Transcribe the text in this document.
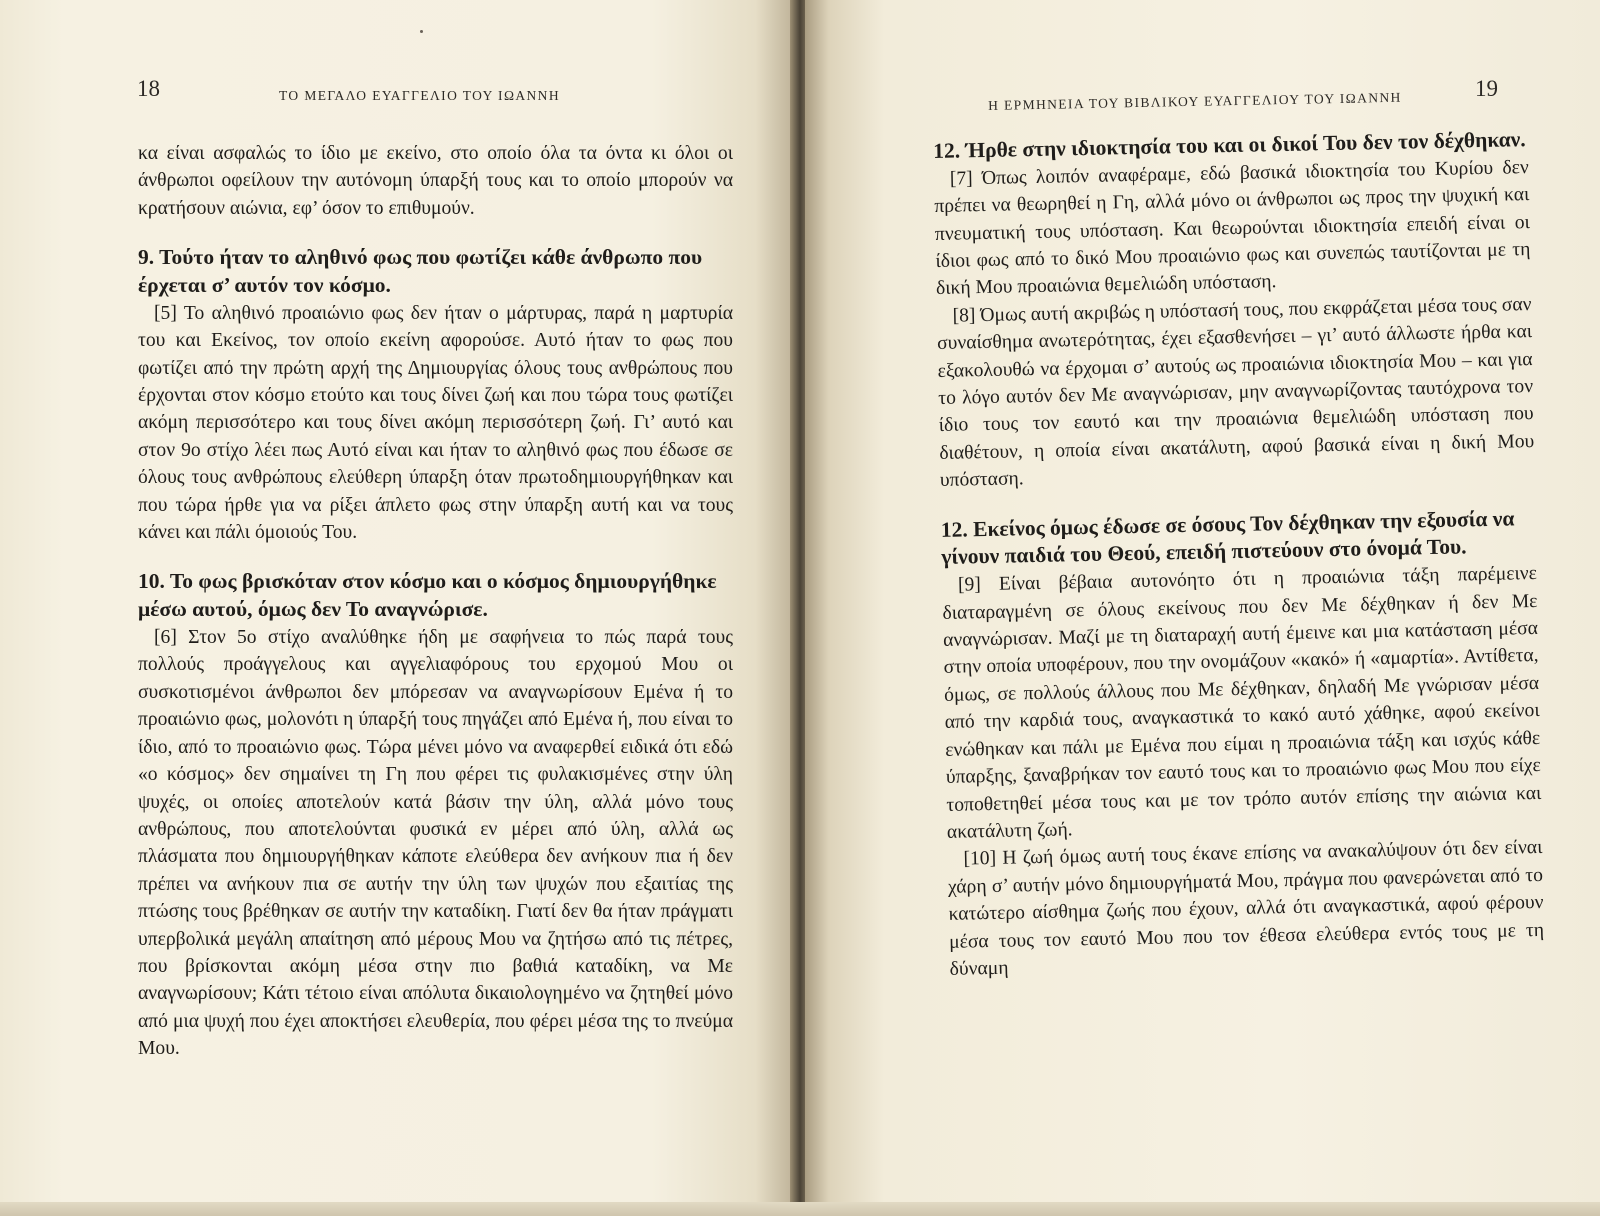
18	ΤΟ ΜΕΓΑΛΟ ΕΥΑΓΓΕΛΙΟ ΤΟΥ ΙΩΑΝΝΗ

κα είναι ασφαλώς το ίδιο με εκείνο, στο οποίο όλα τα όντα κι όλοι οι άνθρωποι οφείλουν την αυτόνομη ύπαρξή τους και το οποίο μπορούν να κρατήσουν αιώνια, εφ’ όσον το επιθυμούν.

9. Τούτο ήταν το αληθινό φως που φωτίζει κάθε άνθρωπο που έρχεται σ’ αυτόν τον κόσμο.

[5] Το αληθινό προαιώνιο φως δεν ήταν ο μάρτυρας, παρά η μαρτυρία του και Εκείνος, τον οποίο εκείνη αφορούσε. Αυτό ήταν το φως που φωτίζει από την πρώτη αρχή της Δημιουργίας όλους τους ανθρώπους που έρχονται στον κόσμο ετούτο και τους δίνει ζωή και που τώρα τους φωτίζει ακόμη περισσότερο και τους δίνει ακόμη περισσότερη ζωή. Γι’ αυτό και στον 9ο στίχο λέει πως Αυτό είναι και ήταν το αληθινό φως που έδωσε σε όλους τους ανθρώπους ελεύθερη ύπαρξη όταν πρωτοδημιουργήθηκαν και που τώρα ήρθε για να ρίξει άπλετο φως στην ύπαρξη αυτή και να τους κάνει και πάλι όμοιούς Του.

10. Το φως βρισκόταν στον κόσμο και ο κόσμος δημιουργήθηκε μέσω αυτού, όμως δεν Το αναγνώρισε.

[6] Στον 5ο στίχο αναλύθηκε ήδη με σαφήνεια το πώς παρά τους πολλούς προάγγελους και αγγελιαφόρους του ερχομού Μου οι συσκοτισμένοι άνθρωποι δεν μπόρεσαν να αναγνωρίσουν Εμένα ή το προαιώνιο φως, μολονότι η ύπαρξή τους πηγάζει από Εμένα ή, που είναι το ίδιο, από το προαιώνιο φως. Τώρα μένει μόνο να αναφερθεί ειδικά ότι εδώ «ο κόσμος» δεν σημαίνει τη Γη που φέρει τις φυλακισμένες στην ύλη ψυχές, οι οποίες αποτελούν κατά βάσιν την ύλη, αλλά μόνο τους ανθρώπους, που αποτελούνται φυσικά εν μέρει από ύλη, αλλά ως πλάσματα που δημιουργήθηκαν κάποτε ελεύθερα δεν ανήκουν πια ή δεν πρέπει να ανήκουν πια σε αυτήν την ύλη των ψυχών που εξαιτίας της πτώσης τους βρέθηκαν σε αυτήν την καταδίκη. Γιατί δεν θα ήταν πράγματι υπερβολικά μεγάλη απαίτηση από μέρους Μου να ζητήσω από τις πέτρες, που βρίσκονται ακόμη μέσα στην πιο βαθιά καταδίκη, να Με αναγνωρίσουν; Κάτι τέτοιο είναι απόλυτα δικαιολογημένο να ζητηθεί μόνο από μια ψυχή που έχει αποκτήσει ελευθερία, που φέρει μέσα της το πνεύμα Μου.

Η ΕΡΜΗΝΕΙΑ ΤΟΥ ΒΙΒΛΙΚΟΥ ΕΥΑΓΓΕΛΙΟΥ ΤΟΥ ΙΩΑΝΝΗ
19
12. Ήρθε στην ιδιοκτησία του και οι δικοί Του δεν τον δέχθηκαν.

[7] Όπως λοιπόν αναφέραμε, εδώ βασικά ιδιοκτησία του Κυρίου δεν πρέπει να θεωρηθεί η Γη, αλλά μόνο οι άνθρωποι ως προς την ψυχική και πνευματική τους υπόσταση. Και θεωρούνται ιδιοκτησία επειδή είναι οι ίδιοι φως από το δικό Μου προαιώνιο φως και συνεπώς ταυτίζονται με τη δική Μου προαιώνια θεμελιώδη υπόσταση.

[8] Όμως αυτή ακριβώς η υπόστασή τους, που εκφράζεται μέσα τους σαν συναίσθημα ανωτερότητας, έχει εξασθενήσει – γι’ αυτό άλλωστε ήρθα και εξακολουθώ να έρχομαι σ’ αυτούς ως προαιώνια ιδιοκτησία Μου – και για το λόγο αυτόν δεν Με αναγνώρισαν, μην αναγνωρίζοντας ταυτόχρονα τον ίδιο τους τον εαυτό και την προαιώνια θεμελιώδη υπόσταση που διαθέτουν, η οποία είναι ακατάλυτη, αφού βασικά είναι η δική Μου υπόσταση.

12. Εκείνος όμως έδωσε σε όσους Τον δέχθηκαν την εξουσία να γίνουν παιδιά του Θεού, επειδή πιστεύουν στο όνομά Του.

[9] Είναι βέβαια αυτονόητο ότι η προαιώνια τάξη παρέμεινε διαταραγμένη σε όλους εκείνους που δεν Με δέχθηκαν ή δεν Με αναγνώρισαν. Μαζί με τη διαταραχή αυτή έμεινε και μια κατάσταση μέσα στην οποία υποφέρουν, που την ονομάζουν «κακό» ή «αμαρτία». Αντίθετα, όμως, σε πολλούς άλλους που Με δέχθηκαν, δηλαδή Με γνώρισαν μέσα από την καρδιά τους, αναγκαστικά το κακό αυτό χάθηκε, αφού εκείνοι ενώθηκαν και πάλι με Εμένα που είμαι η προαιώνια τάξη και ισχύς κάθε ύπαρξης, ξαναβρήκαν τον εαυτό τους και το προαιώνιο φως Μου που είχε τοποθετηθεί μέσα τους και με τον τρόπο αυτόν επίσης την αιώνια και ακατάλυτη ζωή.

[10] Η ζωή όμως αυτή τους έκανε επίσης να ανακαλύψουν ότι δεν είναι χάρη σ’ αυτήν μόνο δημιουργήματά Μου, πράγμα που φανερώνεται από το κατώτερο αίσθημα ζωής που έχουν, αλλά ότι αναγκαστικά, αφού φέρουν μέσα τους τον εαυτό Μου που τον έθεσα ελεύθερα εντός τους με τη δύναμη
